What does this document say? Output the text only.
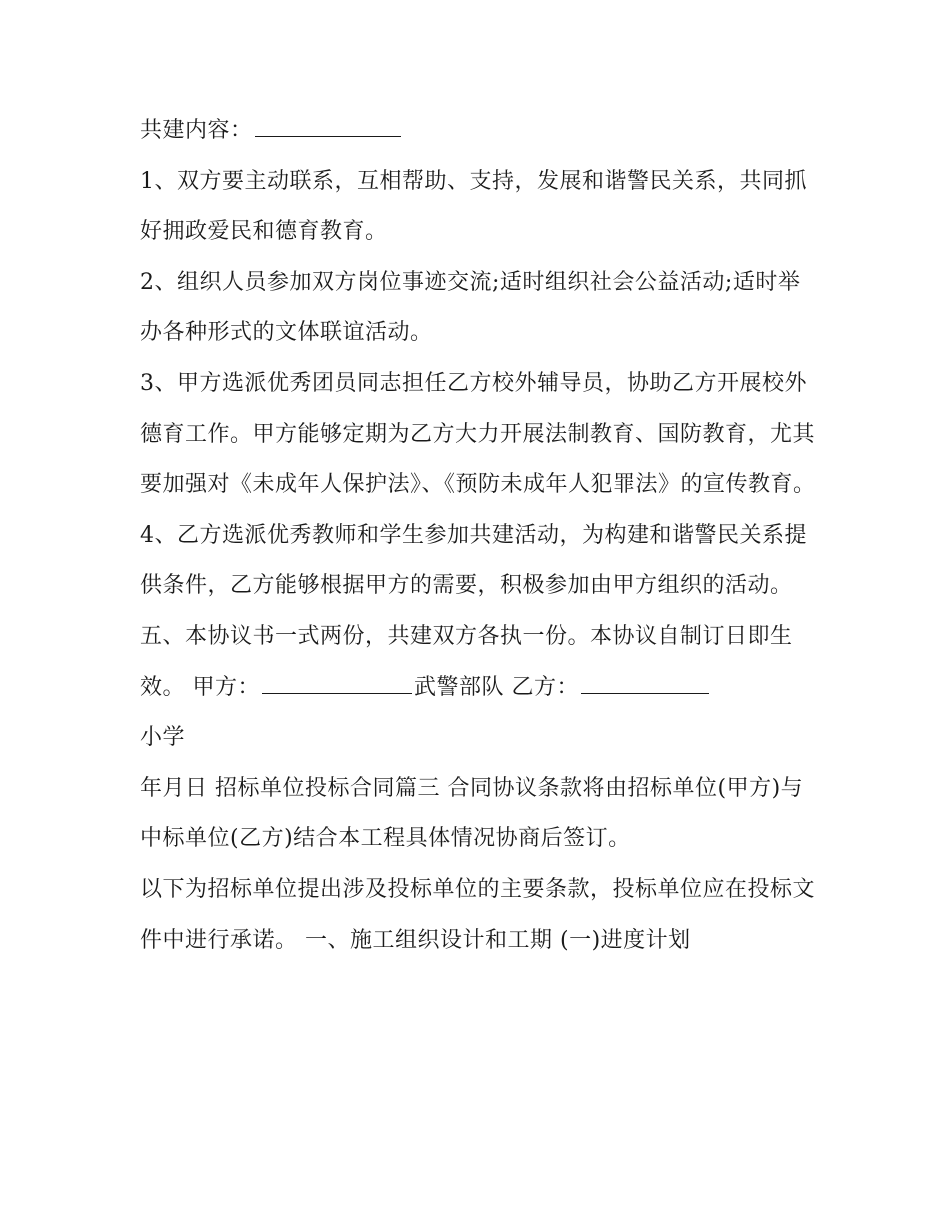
共建内容：

1、双方要主动联系，互相帮助、支持，发展和谐警民关系，共同抓好拥政爱民和德育教育。

2、组织人员参加双方岗位事迹交流;适时组织社会公益活动;适时举办各种形式的文体联谊活动。

3、甲方选派优秀团员同志担任乙方校外辅导员，协助乙方开展校外德育工作。甲方能够定期为乙方大力开展法制教育、国防教育，尤其要加强对《未成年人保护法》、《预防未成年人犯罪法》的宣传教育。

4、乙方选派优秀教师和学生参加共建活动，为构建和谐警民关系提供条件，乙方能够根据甲方的需要，积极参加由甲方组织的活动。

五、本协议书一式两份，共建双方各执一份。本协议自制订日即生效。 甲方：	武警部队 乙方：

小学

年月日 招标单位投标合同篇三 合同协议条款将由招标单位(甲方)与中标单位(乙方)结合本工程具体情况协商后签订。

以下为招标单位提出涉及投标单位的主要条款，投标单位应在投标文件中进行承诺。 一、施工组织设计和工期 (一)进度计划
